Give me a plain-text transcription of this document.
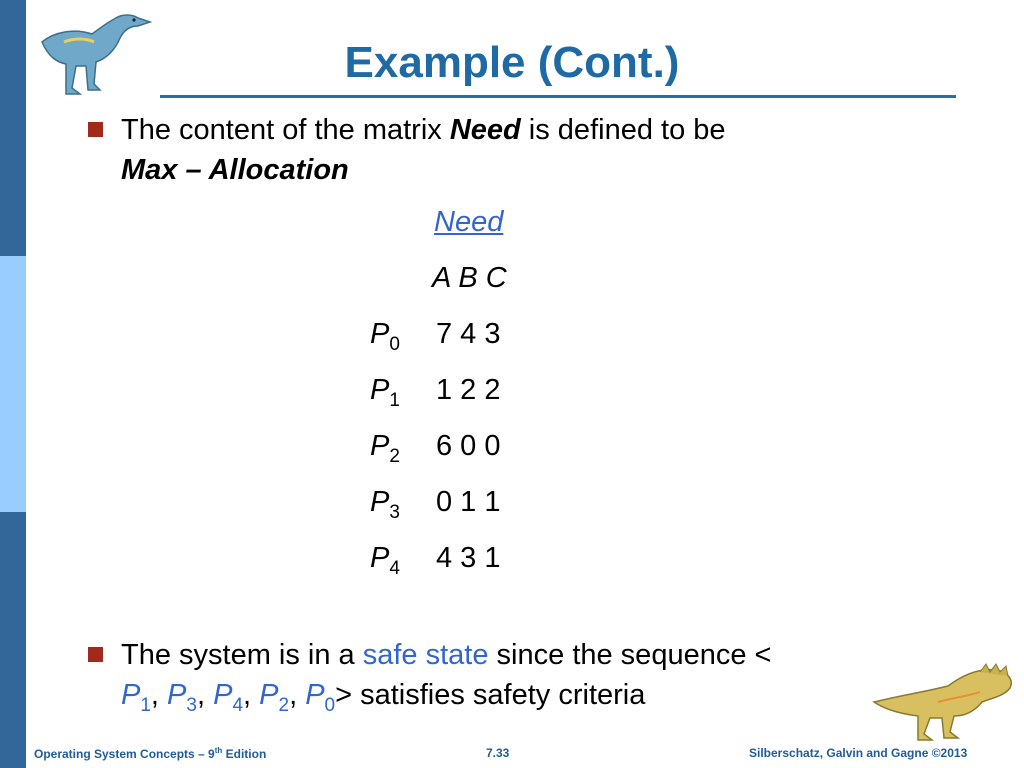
Example (Cont.)
The content of the matrix Need is defined to be
Max – Allocation
Need
A B C
$P_0$ 7 4 3
$P_1$ 1 2 2
$P_2$ 6 0 0
$P_3$ 0 1 1
$P_4$ 4 3 1
The system is in a safe state since the sequence <
$P_1$, $P_3$, $P_4$, $P_2$, $P_0>$ satisfies safety criteria
Operating System Concepts – 9th Edition	7.33	Silberschatz, Galvin and Gagne ©2013
